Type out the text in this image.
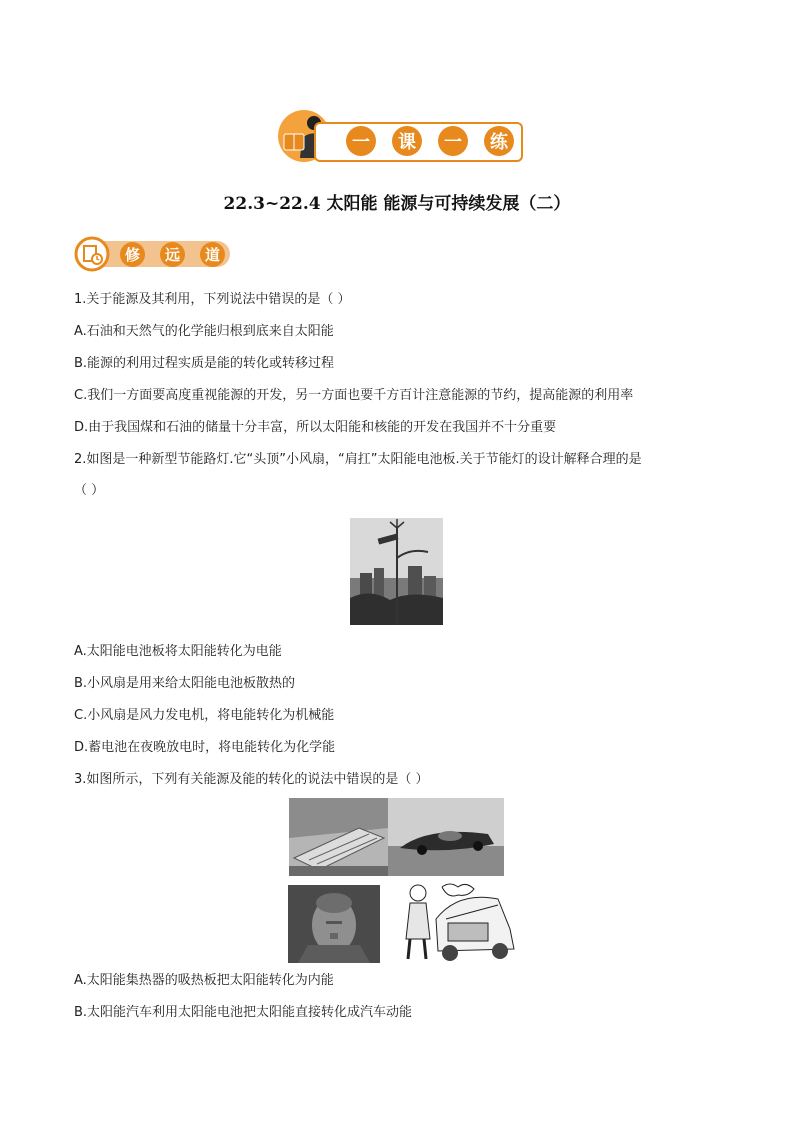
一	课	一	练
22.3~22.4 太阳能 能源与可持续发展（二）
修	远	道
1.关于能源及其利用，下列说法中错误的是（ ）
A.石油和天然气的化学能归根到底来自太阳能
B.能源的利用过程实质是能的转化或转移过程
C.我们一方面要高度重视能源的开发，另一方面也要千方百计注意能源的节约，提高能源的利用率
D.由于我国煤和石油的储量十分丰富，所以太阳能和核能的开发在我国并不十分重要
2.如图是一种新型节能路灯.它“头顶”小风扇，“肩扛”太阳能电池板.关于节能灯的设计解释合理的是
（ ）
A.太阳能电池板将太阳能转化为电能
B.小风扇是用来给太阳能电池板散热的
C.小风扇是风力发电机，将电能转化为机械能
D.蓄电池在夜晚放电时，将电能转化为化学能
3.如图所示，下列有关能源及能的转化的说法中错误的是（ ）
A.太阳能集热器的吸热板把太阳能转化为内能
B.太阳能汽车利用太阳能电池把太阳能直接转化成汽车动能
